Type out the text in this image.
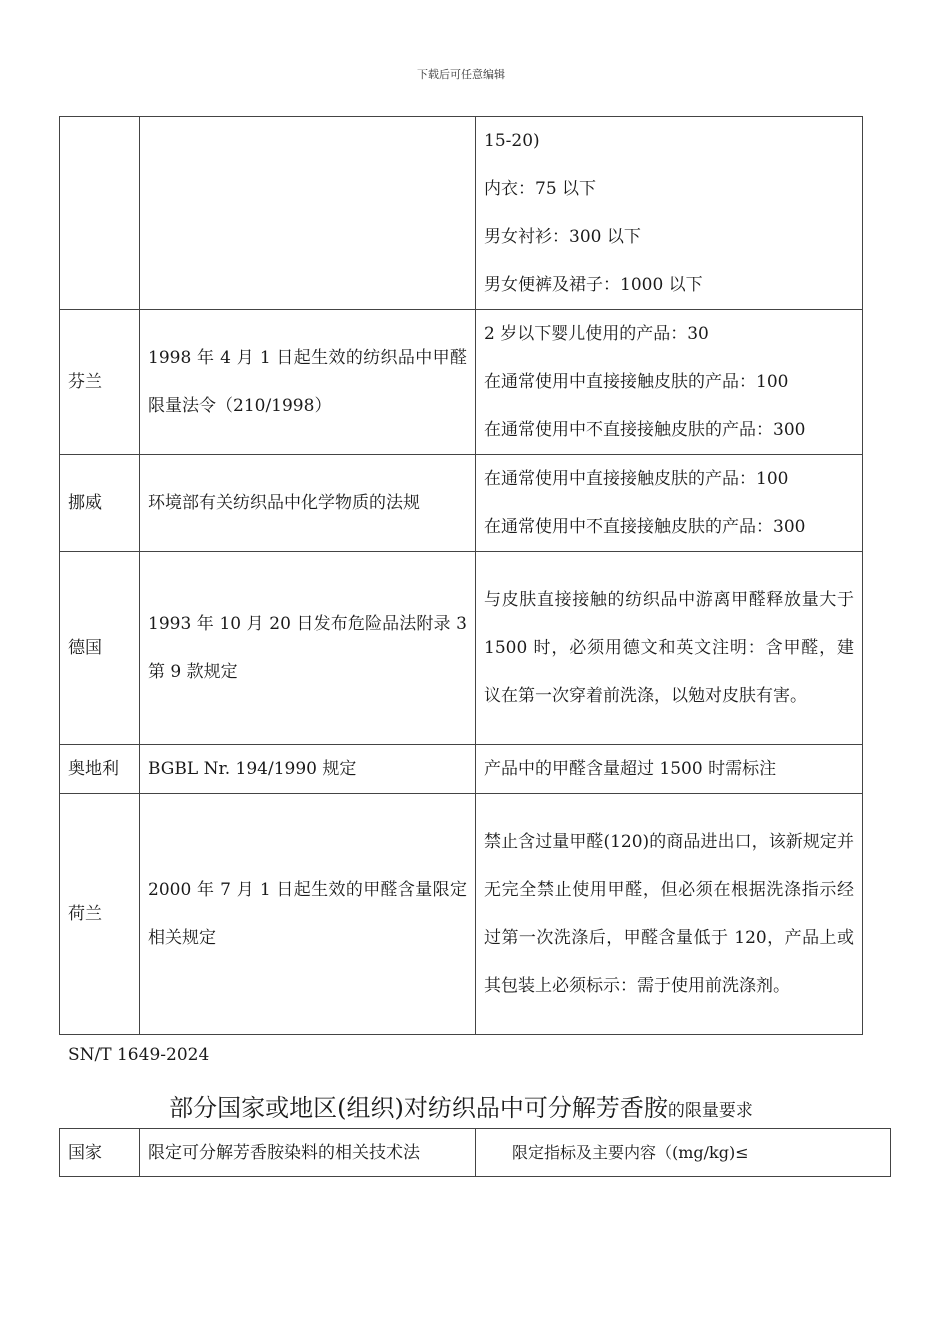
下载后可任意编辑

		15-20)
内衣：75 以下
男女衬衫：300 以下
男女便裤及裙子：1000 以下

芬兰	1998 年 4 月 1 日起生效的纺织品中甲醛限量法令（210/1998）	2 岁以下婴儿使用的产品：30
在通常使用中直接接触皮肤的产品：100
在通常使用中不直接接触皮肤的产品：300

挪威	环境部有关纺织品中化学物质的法规	在通常使用中直接接触皮肤的产品：100
在通常使用中不直接接触皮肤的产品：300

德国	1993 年 10 月 20 日发布危险品法附录 3 第 9 款规定	与皮肤直接接触的纺织品中游离甲醛释放量大于 1500 时，必须用德文和英文注明：含甲醛，建议在第一次穿着前洗涤，以勉对皮肤有害。

奥地利	BGBL Nr. 194/1990 规定	产品中的甲醛含量超过 1500 时需标注
荷兰	2000 年 7 月 1 日起生效的甲醛含量限定相关规定	禁止含过量甲醛(120)的商品进出口，该新规定并无完全禁止使用甲醛，但必须在根据洗涤指示经过第一次洗涤后，甲醛含量低于 120，产品上或其包装上必须标示：需于使用前洗涤剂。
SN/T 1649-2024
部分国家或地区(组织)对纺织品中可分解芳香胺的限量要求
国家	限定可分解芳香胺染料的相关技术法	限定指标及主要内容（(mg/kg)≤
